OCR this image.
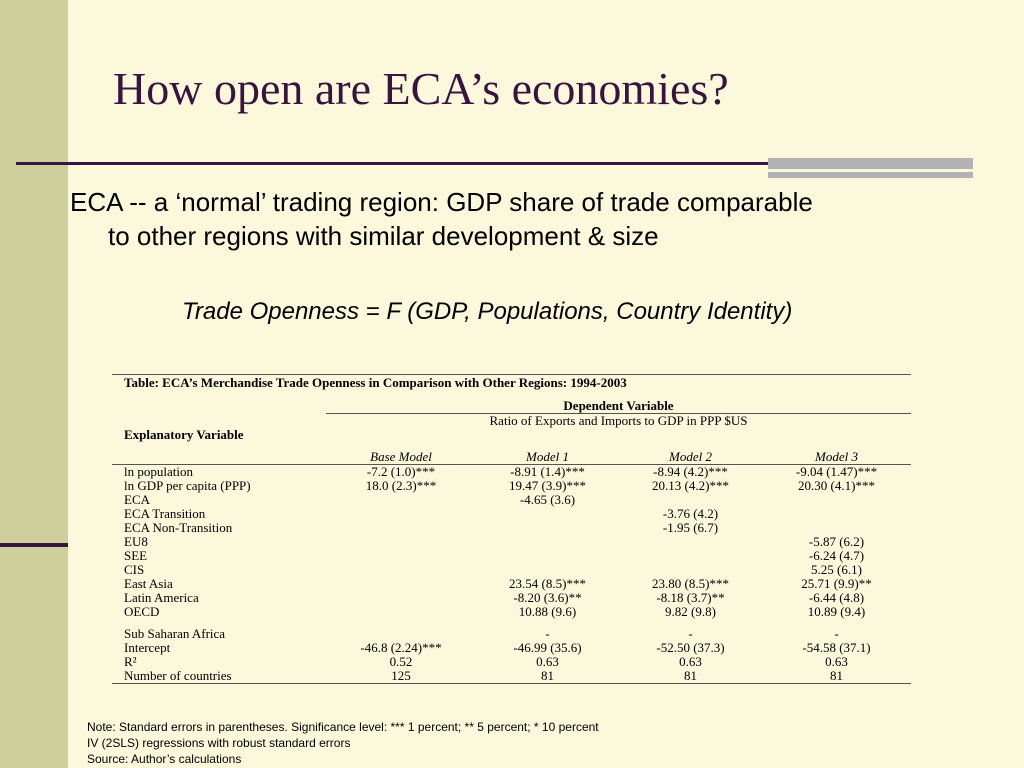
How open are ECA’s economies?

ECA -- a ‘normal’ trading region: GDP share of trade comparable
to other regions with similar development & size

Trade Openness = F (GDP, Populations, Country Identity)

Table: ECA’s Merchandise Trade Openness in Comparison with Other Regions: 1994-2003				

	Dependent Variable			
	Ratio of Exports and Imports to GDP in PPP $US			
Explanatory Variable				

	Base Model	Model 1	Model 2	Model 3
ln population	-7.2 (1.0)***	-8.91 (1.4)***	-8.94 (4.2)***	-9.04 (1.47)***
ln GDP per capita (PPP)	18.0 (2.3)***	19.47 (3.9)***	20.13 (4.2)***	20.30 (4.1)***
ECA		-4.65 (3.6)		
ECA Transition			-3.76 (4.2)	
ECA Non-Transition			-1.95 (6.7)	
EU8				-5.87 (6.2)
SEE				-6.24 (4.7)
CIS				5.25 (6.1)
East Asia		23.54 (8.5)***	23.80 (8.5)***	25.71 (9.9)**
Latin America		-8.20 (3.6)**	-8.18 (3.7)**	-6.44 (4.8)
OECD		10.88 (9.6)	9.82 (9.8)	10.89 (9.4)

Sub Saharan Africa		-	-	-
Intercept	-46.8 (2.24)***	-46.99 (35.6)	-52.50 (37.3)	-54.58 (37.1)
R²	0.52	0.63	0.63	0.63
Number of countries	125	81	81	81
Note: Standard errors in parentheses. Significance level: *** 1 percent; ** 5 percent; * 10 percent
IV (2SLS) regressions with robust standard errors
Source: Author’s calculations
